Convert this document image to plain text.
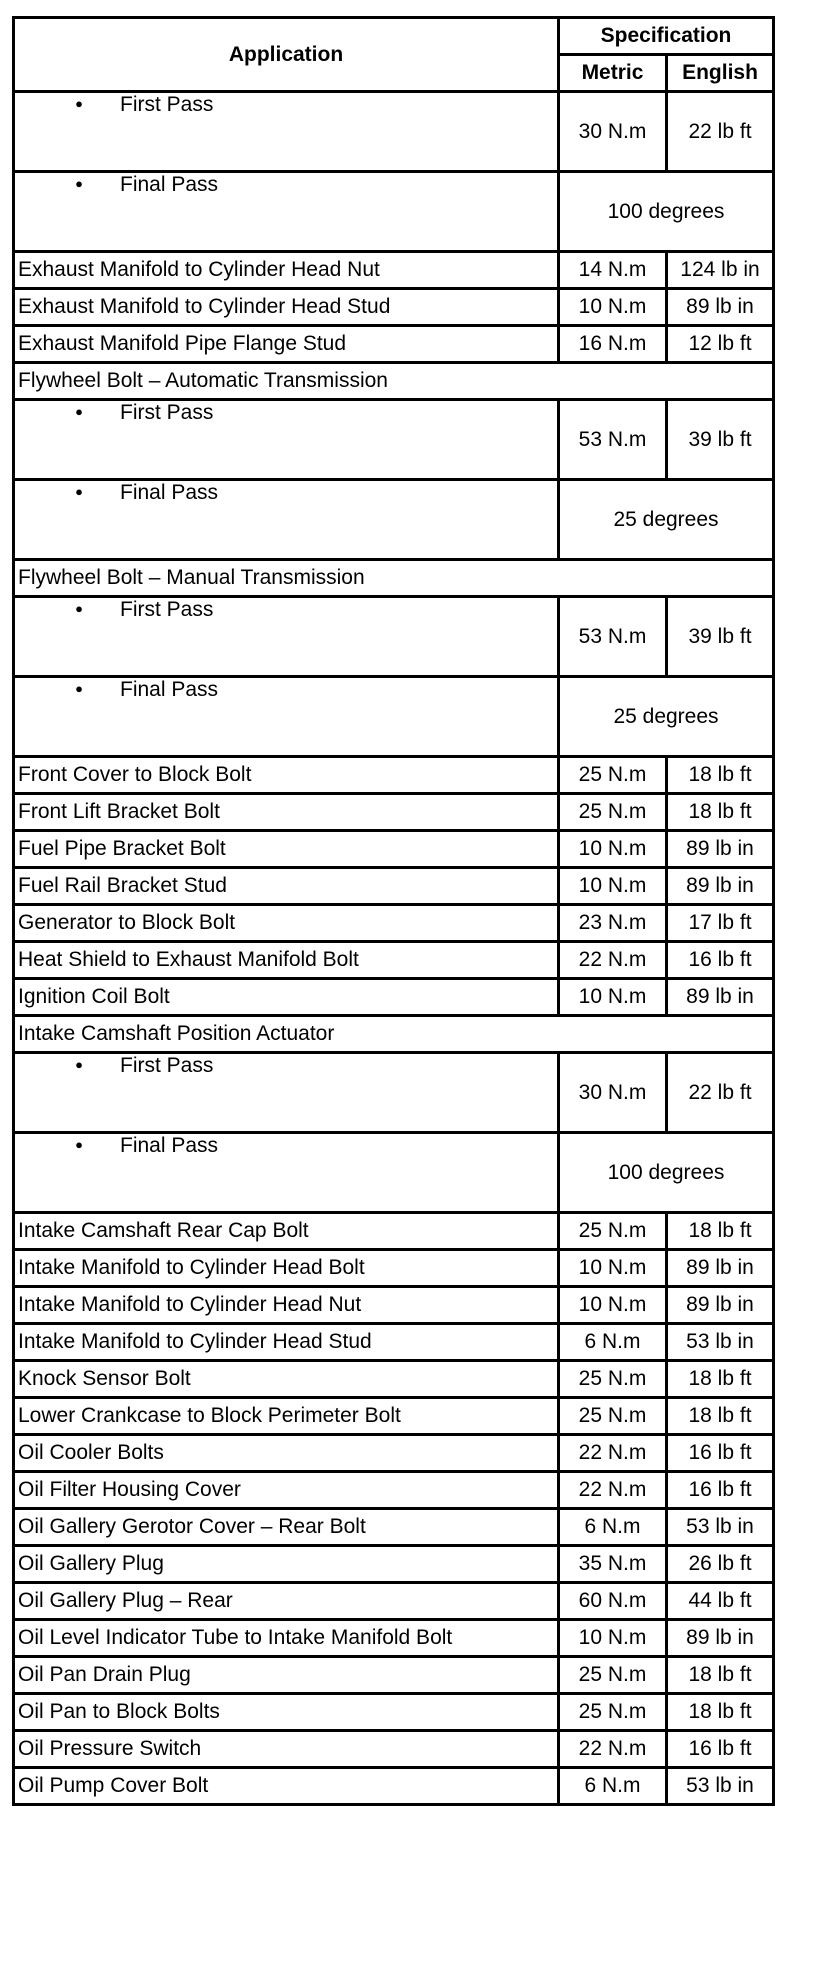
Application	Specification	
	Metric	English
● First Pass	30 N.m	22 lb ft
● Final Pass	100 degrees	
Exhaust Manifold to Cylinder Head Nut	14 N.m	124 lb in
Exhaust Manifold to Cylinder Head Stud	10 N.m	89 lb in
Exhaust Manifold Pipe Flange Stud	16 N.m	12 lb ft
Flywheel Bolt – Automatic Transmission		
● First Pass	53 N.m	39 lb ft
● Final Pass	25 degrees	
Flywheel Bolt – Manual Transmission		
● First Pass	53 N.m	39 lb ft
● Final Pass	25 degrees	
Front Cover to Block Bolt	25 N.m	18 lb ft
Front Lift Bracket Bolt	25 N.m	18 lb ft
Fuel Pipe Bracket Bolt	10 N.m	89 lb in
Fuel Rail Bracket Stud	10 N.m	89 lb in
Generator to Block Bolt	23 N.m	17 lb ft
Heat Shield to Exhaust Manifold Bolt	22 N.m	16 lb ft
Ignition Coil Bolt	10 N.m	89 lb in
Intake Camshaft Position Actuator		
● First Pass	30 N.m	22 lb ft
● Final Pass	100 degrees	
Intake Camshaft Rear Cap Bolt	25 N.m	18 lb ft
Intake Manifold to Cylinder Head Bolt	10 N.m	89 lb in
Intake Manifold to Cylinder Head Nut	10 N.m	89 lb in
Intake Manifold to Cylinder Head Stud	6 N.m	53 lb in
Knock Sensor Bolt	25 N.m	18 lb ft
Lower Crankcase to Block Perimeter Bolt	25 N.m	18 lb ft
Oil Cooler Bolts	22 N.m	16 lb ft
Oil Filter Housing Cover	22 N.m	16 lb ft
Oil Gallery Gerotor Cover – Rear Bolt	6 N.m	53 lb in
Oil Gallery Plug	35 N.m	26 lb ft
Oil Gallery Plug – Rear	60 N.m	44 lb ft
Oil Level Indicator Tube to Intake Manifold Bolt	10 N.m	89 lb in
Oil Pan Drain Plug	25 N.m	18 lb ft
Oil Pan to Block Bolts	25 N.m	18 lb ft
Oil Pressure Switch	22 N.m	16 lb ft
Oil Pump Cover Bolt	6 N.m	53 lb in
